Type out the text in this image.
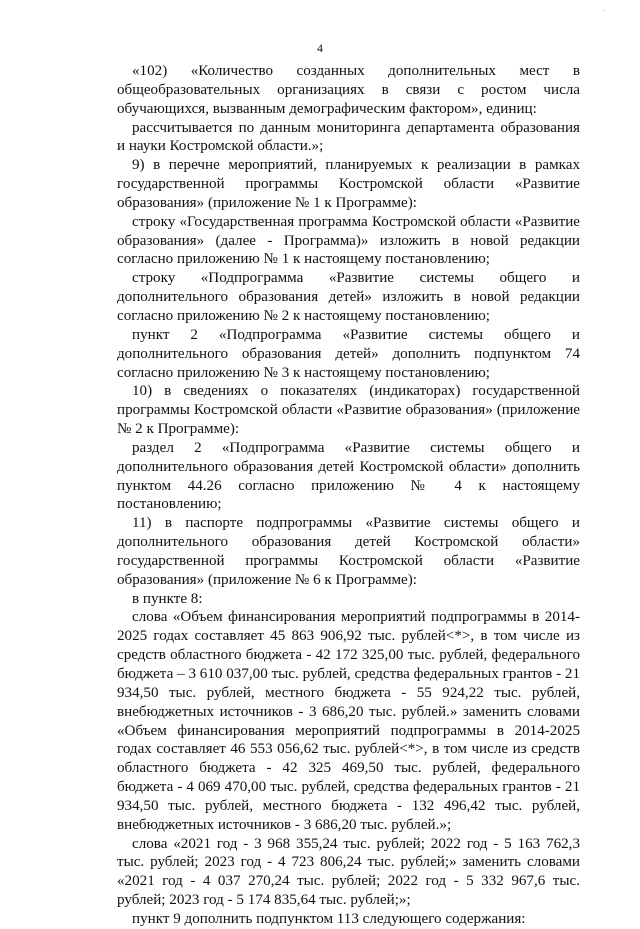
4

«102) «Количество созданных дополнительных мест в общеобразовательных организациях в связи с ростом числа обучающихся, вызванным демографическим фактором», единиц:

рассчитывается по данным мониторинга департамента образования и науки Костромской области.»;

9) в перечне мероприятий, планируемых к реализации в рамках государственной программы Костромской области «Развитие образования» (приложение № 1 к Программе):

строку «Государственная программа Костромской области «Развитие образования» (далее - Программа)» изложить в новой редакции согласно приложению № 1 к настоящему постановлению;

строку «Подпрограмма «Развитие системы общего и дополнительного образования детей» изложить в новой редакции согласно приложению № 2 к настоящему постановлению;

пункт 2 «Подпрограмма «Развитие системы общего и дополнительного образования детей» дополнить подпунктом 74 согласно приложению № 3 к настоящему постановлению;

10) в сведениях о показателях (индикаторах) государственной программы Костромской области «Развитие образования» (приложение № 2 к Программе):

раздел 2 «Подпрограмма «Развитие системы общего и дополнительного образования детей Костромской области» дополнить пунктом 44.26 согласно приложению № 4 к настоящему постановлению;

11) в паспорте подпрограммы «Развитие системы общего и дополнительного образования детей Костромской области» государственной программы Костромской области «Развитие образования» (приложение № 6 к Программе):

в пункте 8:

слова «Объем финансирования мероприятий подпрограммы в 2014-2025 годах составляет 45 863 906,92 тыс. рублей<*>, в том числе из средств областного бюджета - 42 172 325,00 тыс. рублей, федерального бюджета – 3 610 037,00 тыс. рублей, средства федеральных грантов - 21 934,50 тыс. рублей, местного бюджета - 55 924,22 тыс. рублей, внебюджетных источников - 3 686,20 тыс. рублей.» заменить словами «Объем финансирования мероприятий подпрограммы в 2014-2025 годах составляет 46 553 056,62 тыс. рублей<*>, в том числе из средств областного бюджета - 42 325 469,50 тыс. рублей, федерального бюджета - 4 069 470,00 тыс. рублей, средства федеральных грантов - 21 934,50 тыс. рублей, местного бюджета - 132 496,42 тыс. рублей, внебюджетных источников - 3 686,20 тыс. рублей.»;

слова «2021 год - 3 968 355,24 тыс. рублей; 2022 год - 5 163 762,3 тыс. рублей; 2023 год - 4 723 806,24 тыс. рублей;» заменить словами «2021 год - 4 037 270,24 тыс. рублей; 2022 год - 5 332 967,6 тыс. рублей; 2023 год - 5 174 835,64 тыс. рублей;»;

пункт 9 дополнить подпунктом 113 следующего содержания:
